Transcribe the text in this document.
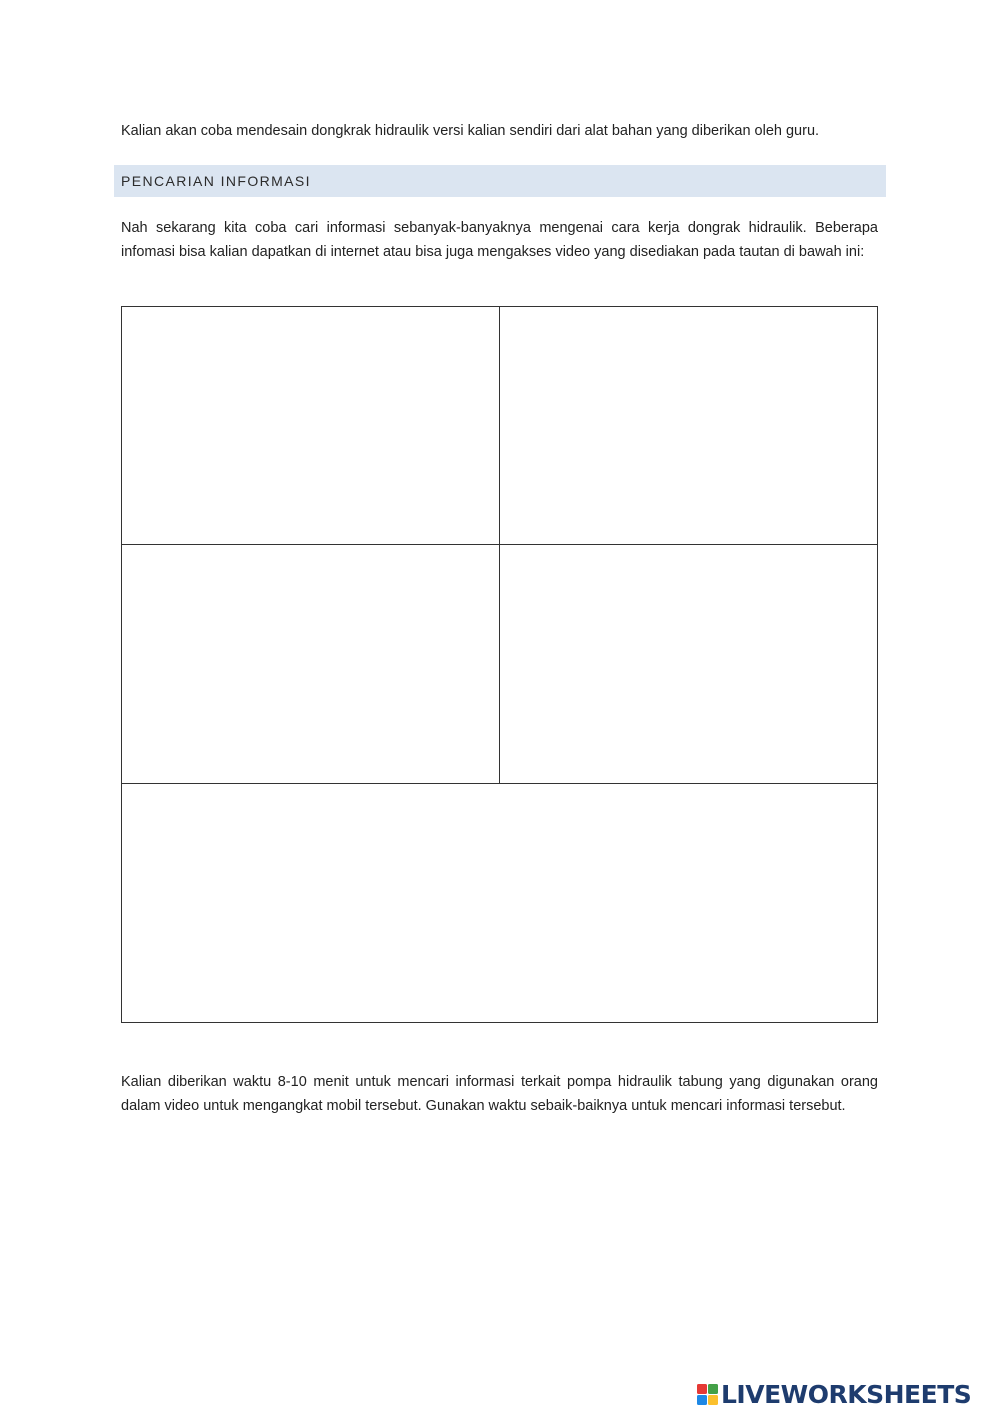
Kalian akan coba mendesain dongkrak hidraulik versi kalian sendiri dari alat bahan yang diberikan oleh guru.

PENCARIAN INFORMASI

Nah sekarang kita coba cari informasi sebanyak-banyaknya mengenai cara kerja dongrak hidraulik. Beberapa infomasi bisa kalian dapatkan di internet atau bisa juga mengakses video yang disediakan pada tautan di bawah ini:

Kalian diberikan waktu 8-10 menit untuk mencari informasi terkait pompa hidraulik tabung yang digunakan orang dalam video untuk mengangkat mobil tersebut. Gunakan waktu sebaik-baiknya untuk mencari informasi tersebut.

LIVEWORKSHEETS
